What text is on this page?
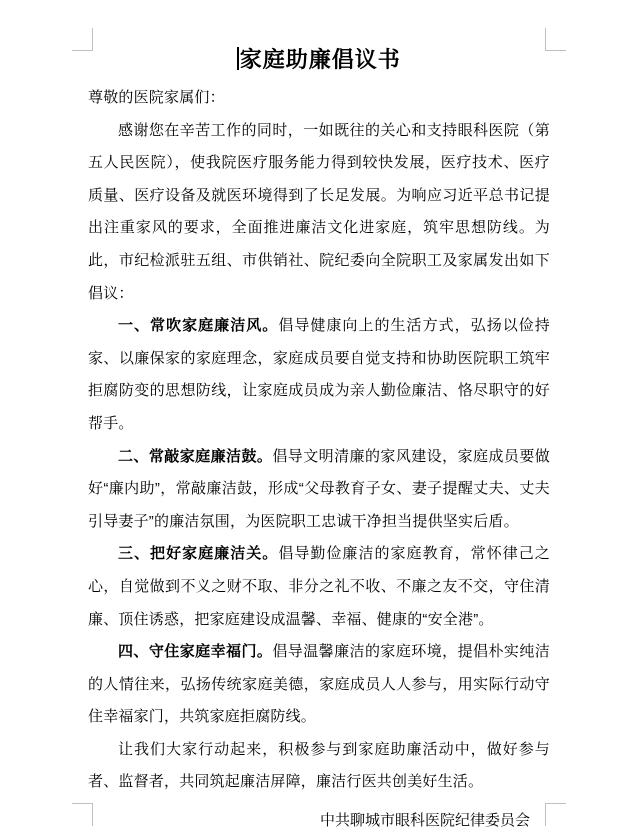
家庭助廉倡议书

尊敬的医院家属们：

感谢您在辛苦工作的同时，一如既往的关心和支持眼科医院（第五人民医院），使我院医疗服务能力得到较快发展，医疗技术、医疗质量、医疗设备及就医环境得到了长足发展。为响应习近平总书记提出注重家风的要求，全面推进廉洁文化进家庭，筑牢思想防线。为此，市纪检派驻五组、市供销社、院纪委向全院职工及家属发出如下倡议：

一、常吹家庭廉洁风。倡导健康向上的生活方式，弘扬以俭持家、以廉保家的家庭理念，家庭成员要自觉支持和协助医院职工筑牢拒腐防变的思想防线，让家庭成员成为亲人勤俭廉洁、恪尽职守的好帮手。

二、常敲家庭廉洁鼓。倡导文明清廉的家风建设，家庭成员要做好“廉内助”，常敲廉洁鼓，形成“父母教育子女、妻子提醒丈夫、丈夫引导妻子”的廉洁氛围，为医院职工忠诚干净担当提供坚实后盾。

三、把好家庭廉洁关。倡导勤俭廉洁的家庭教育，常怀律己之心，自觉做到不义之财不取、非分之礼不收、不廉之友不交，守住清廉、顶住诱惑，把家庭建设成温馨、幸福、健康的“安全港”。

四、守住家庭幸福门。倡导温馨廉洁的家庭环境，提倡朴实纯洁的人情往来，弘扬传统家庭美德，家庭成员人人参与，用实际行动守住幸福家门，共筑家庭拒腐防线。

让我们大家行动起来，积极参与到家庭助廉活动中，做好参与者、监督者，共同筑起廉洁屏障，廉洁行医共创美好生活。

中共聊城市眼科医院纪律委员会
